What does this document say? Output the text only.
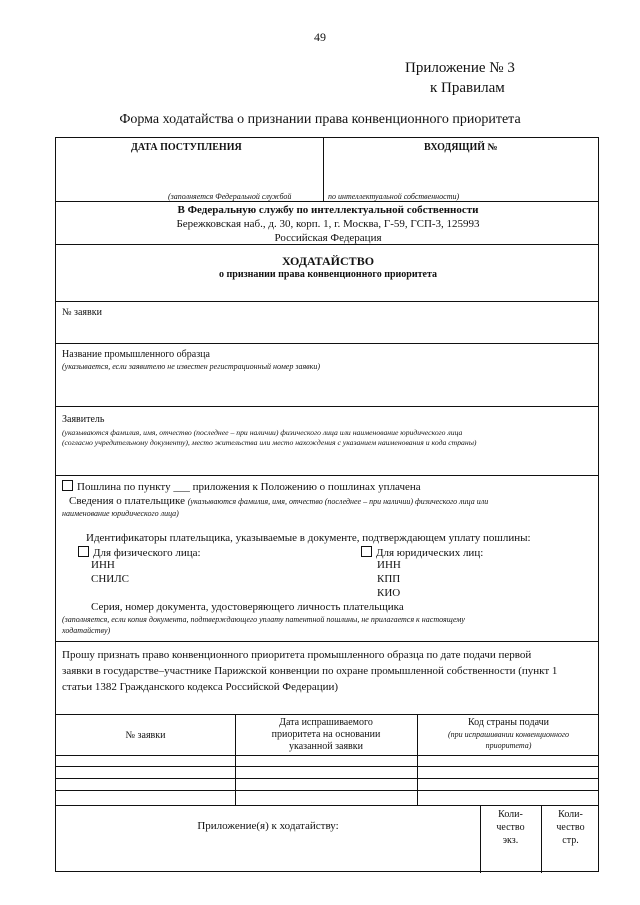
49
Приложение № 3
к Правилам
Форма ходатайства о признании права конвенционного приоритета
ДАТА ПОСТУПЛЕНИЯ	ВХОДЯЩИЙ №
(заполняется Федеральной службой	по интеллектуальной собственности)
В Федеральную службу по интеллектуальной собственности
Бережковская наб., д. 30, корп. 1, г. Москва, Г-59, ГСП-3, 125993
Российская Федерация
ХОДАТАЙСТВО
о признании права конвенционного приоритета
№ заявки
Название промышленного образца
(указывается, если заявителю не известен регистрационный номер заявки)
Заявитель
(указываются фамилия, имя, отчество (последнее – при наличии) физического лица или наименование юридического лица
(согласно учредительному документу), место жительства или место нахождения с указанием наименования и кода страны)
Пошлина по пункту ___ приложения к Положению о пошлинах уплачена
Сведения о плательщике (указываются фамилия, имя, отчество (последнее – при наличии) физического лица или
наименование юридического лица)
Идентификаторы плательщика, указываемые в документе, подтверждающем уплату пошлины:
Для физического лица:
ИНН
СНИЛС
Для юридических лиц:
ИНН
КПП
КИО
Серия, номер документа, удостоверяющего личность плательщика
(заполняется, если копия документа, подтверждающего уплату патентной пошлины, не прилагается к настоящему
ходатайству)
Прошу признать право конвенционного приоритета промышленного образца по дате подачи первой
заявки в государстве–участнике Парижской конвенции по охране промышленной собственности (пункт 1
статьи 1382 Гражданского кодекса Российской Федерации)
№ заявки
Дата испрашиваемого
приоритета на основании
указанной заявки
Код страны подачи
(при испрашивании конвенционного
приоритета)
Приложение(я) к ходатайству:
Коли-
чество
экз.
Коли-
чество
стр.
